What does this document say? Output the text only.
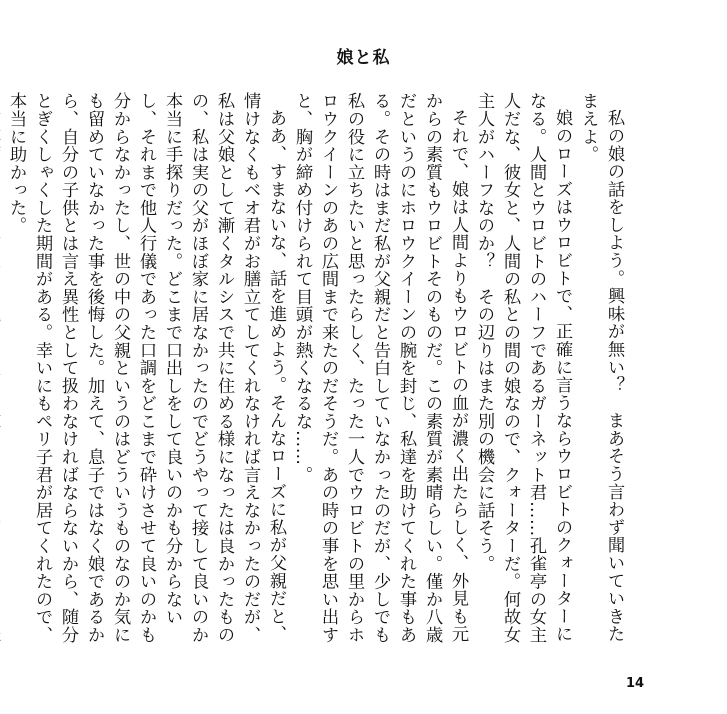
娘と私

私の娘の話をしよう。興味が無い？　まあそう言わず聞いていきたまえよ。

娘のローズはウロビトで、正確に言うならウロビトのクォーターになる。人間とウロビトのハーフであるガーネット君……孔雀亭の女主人だな、彼女と、人間の私との間の娘なので、クォーターだ。何故女主人がハーフなのか？　その辺りはまた別の機会に話そう。

それで、娘は人間よりもウロビトの血が濃く出たらしく、外見も元からの素質もウロビトそのものだ。この素質が素晴らしい。僅か八歳だというのにホロウクイーンの腕を封じ、私達を助けてくれた事もある。その時はまだ私が父親だと告白していなかったのだが、少しでも私の役に立ちたいと思ったらしく、たった一人でウロビトの里からホロウクイーンのあの広間まで来たのだそうだ。あの時の事を思い出すと、胸が締め付けられて目頭が熱くなるな……。

ああ、すまないな、話を進めよう。そんなローズに私が父親だと、情けなくもベオ君がお膳立てしてくれなければ言えなかったのだが、私は父娘として漸くタルシスで共に住める様になったは良かったものの、私は実の父がほぼ家に居なかったのでどうやって接して良いのか本当に手探りだった。どこまで口出しをして良いのかも分からないし、それまで他人行儀であった口調をどこまで砕けさせて良いのかも分からなかったし、世の中の父親というのはどういうものなのか気にも留めていなかった事を後悔した。加えて、息子ではなく娘であるから、自分の子供とは言え異性として扱わなければならないから、随分とぎくしゃくした期間がある。幸いにもペリ子君が居てくれたので、本当に助かった。

14
